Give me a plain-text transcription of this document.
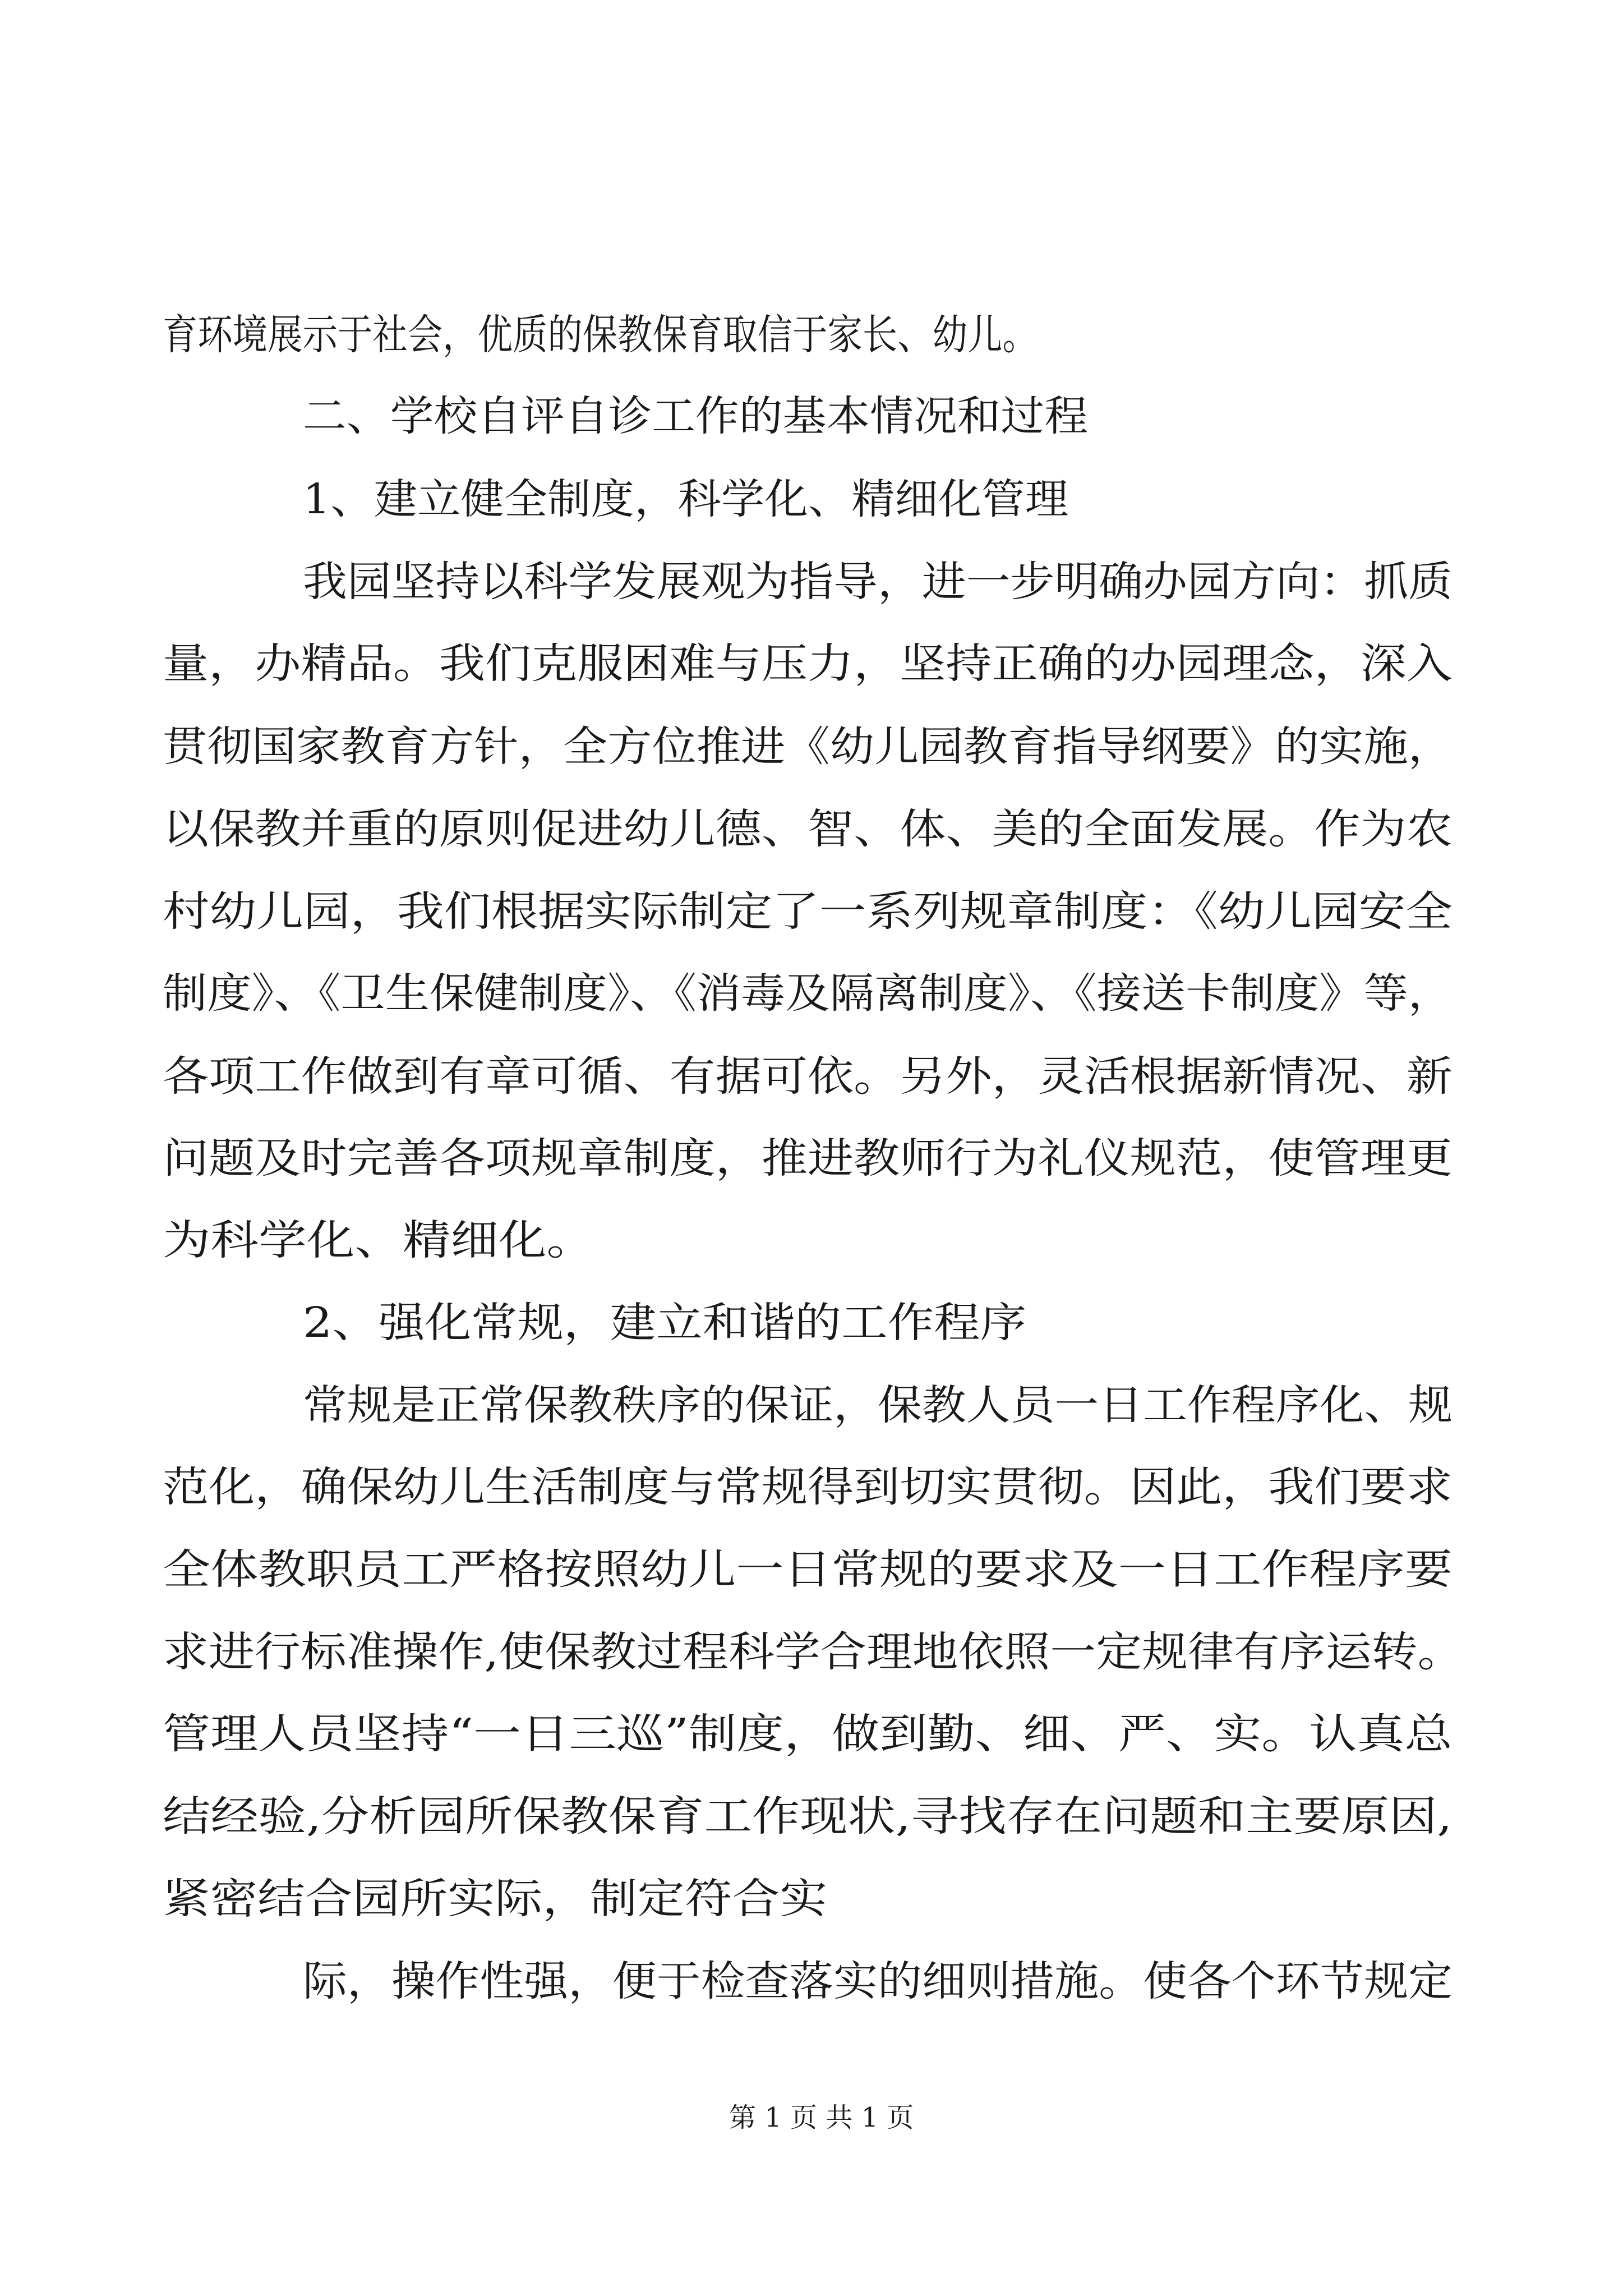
育环境展示于社会，优质的保教保育取信于家长、幼儿。
二、学校自评自诊工作的基本情况和过程
1、建立健全制度，科学化、精细化管理
我园坚持以科学发展观为指导，进一步明确办园方向：抓质
量，办精品。我们克服困难与压力，坚持正确的办园理念，深入
贯彻国家教育方针，全方位推进《幼儿园教育指导纲要》的实施，
以保教并重的原则促进幼儿德、智、体、美的全面发展。作为农
村幼儿园，我们根据实际制定了一系列规章制度：《幼儿园安全
制度》、《卫生保健制度》、《消毒及隔离制度》、《接送卡制度》等，
各项工作做到有章可循、有据可依。另外，灵活根据新情况、新
问题及时完善各项规章制度，推进教师行为礼仪规范，使管理更
为科学化、精细化。
2、强化常规，建立和谐的工作程序
常规是正常保教秩序的保证，保教人员一日工作程序化、规
范化，确保幼儿生活制度与常规得到切实贯彻。因此，我们要求
全体教职员工严格按照幼儿一日常规的要求及一日工作程序要
求进行标准操作,使保教过程科学合理地依照一定规律有序运转。
管理人员坚持“一日三巡”制度，做到勤、细、严、实。认真总
结经验,分析园所保教保育工作现状,寻找存在问题和主要原因,
紧密结合园所实际，制定符合实
际，操作性强，便于检查落实的细则措施。使各个环节规定
第 1 页 共 1 页
